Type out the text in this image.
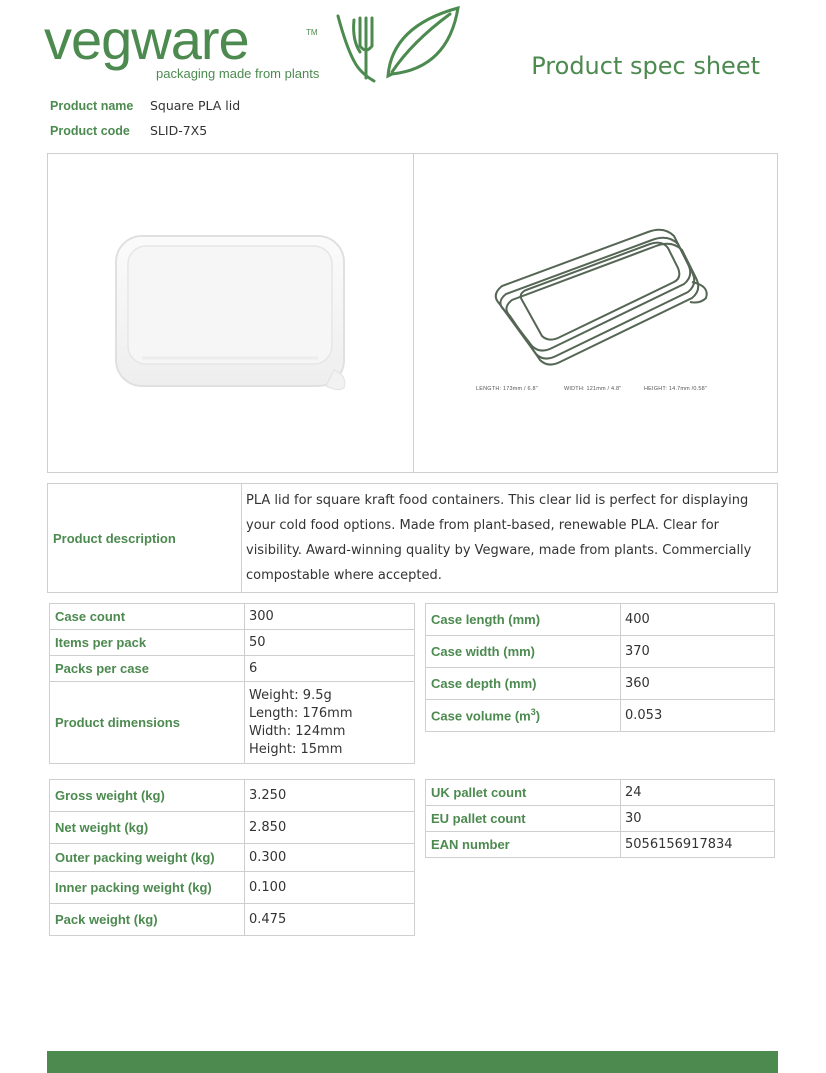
vegware	TM
packaging made from plants	Product spec sheet
Product name Square PLA lid
Product code SLID-7X5
LENGTH: 173mm / 6.8"	WIDTH: 121mm / 4.8"	HEIGHT: 14.7mm /0.58"
Product description	PLA lid for square kraft food containers. This clear lid is perfect for displaying your cold food options. Made from plant-based, renewable PLA. Clear for visibility. Award-winning quality by Vegware, made from plants. Commercially compostable where accepted.
Case count	300
Items per pack	50
Packs per case	6
Product dimensions	Weight: 9.5g
Length: 176mm
Width: 124mm
Height: 15mm
Case length (mm)	400
Case width (mm)	370
Case depth (mm)	360
Case volume $(m^3)$	0.053
Gross weight (kg)	3.250
Net weight (kg)	2.850
Outer packing weight (kg)	0.300
Inner packing weight (kg)	0.100
Pack weight (kg)	0.475
UK pallet count	24
EU pallet count	30
EAN number	5056156917834
